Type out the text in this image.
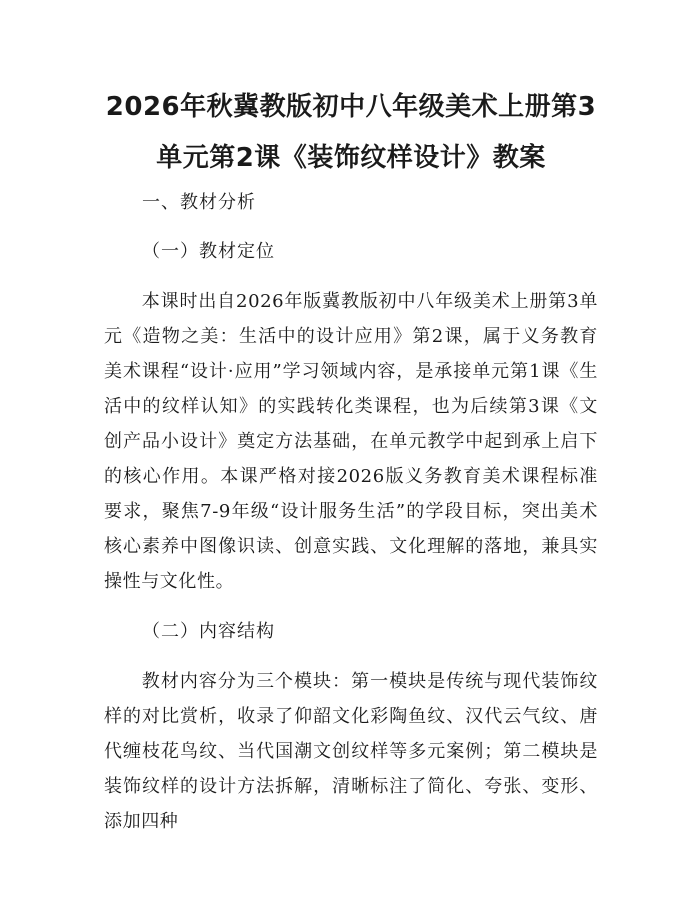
2026年秋冀教版初中八年级美术上册第3单元第2课《装饰纹样设计》教案

一、教材分析

（一）教材定位

本课时出自2026年版冀教版初中八年级美术上册第3单元《造物之美：生活中的设计应用》第2课，属于义务教育美术课程“设计·应用”学习领域内容，是承接单元第1课《生活中的纹样认知》的实践转化类课程，也为后续第3课《文创产品小设计》奠定方法基础，在单元教学中起到承上启下的核心作用。本课严格对接2026版义务教育美术课程标准要求，聚焦7-9年级“设计服务生活”的学段目标，突出美术核心素养中图像识读、创意实践、文化理解的落地，兼具实操性与文化性。

（二）内容结构

教材内容分为三个模块：第一模块是传统与现代装饰纹样的对比赏析，收录了仰韶文化彩陶鱼纹、汉代云气纹、唐代缠枝花鸟纹、当代国潮文创纹样等多元案例；第二模块是装饰纹样的设计方法拆解，清晰标注了简化、夸张、变形、添加四种
